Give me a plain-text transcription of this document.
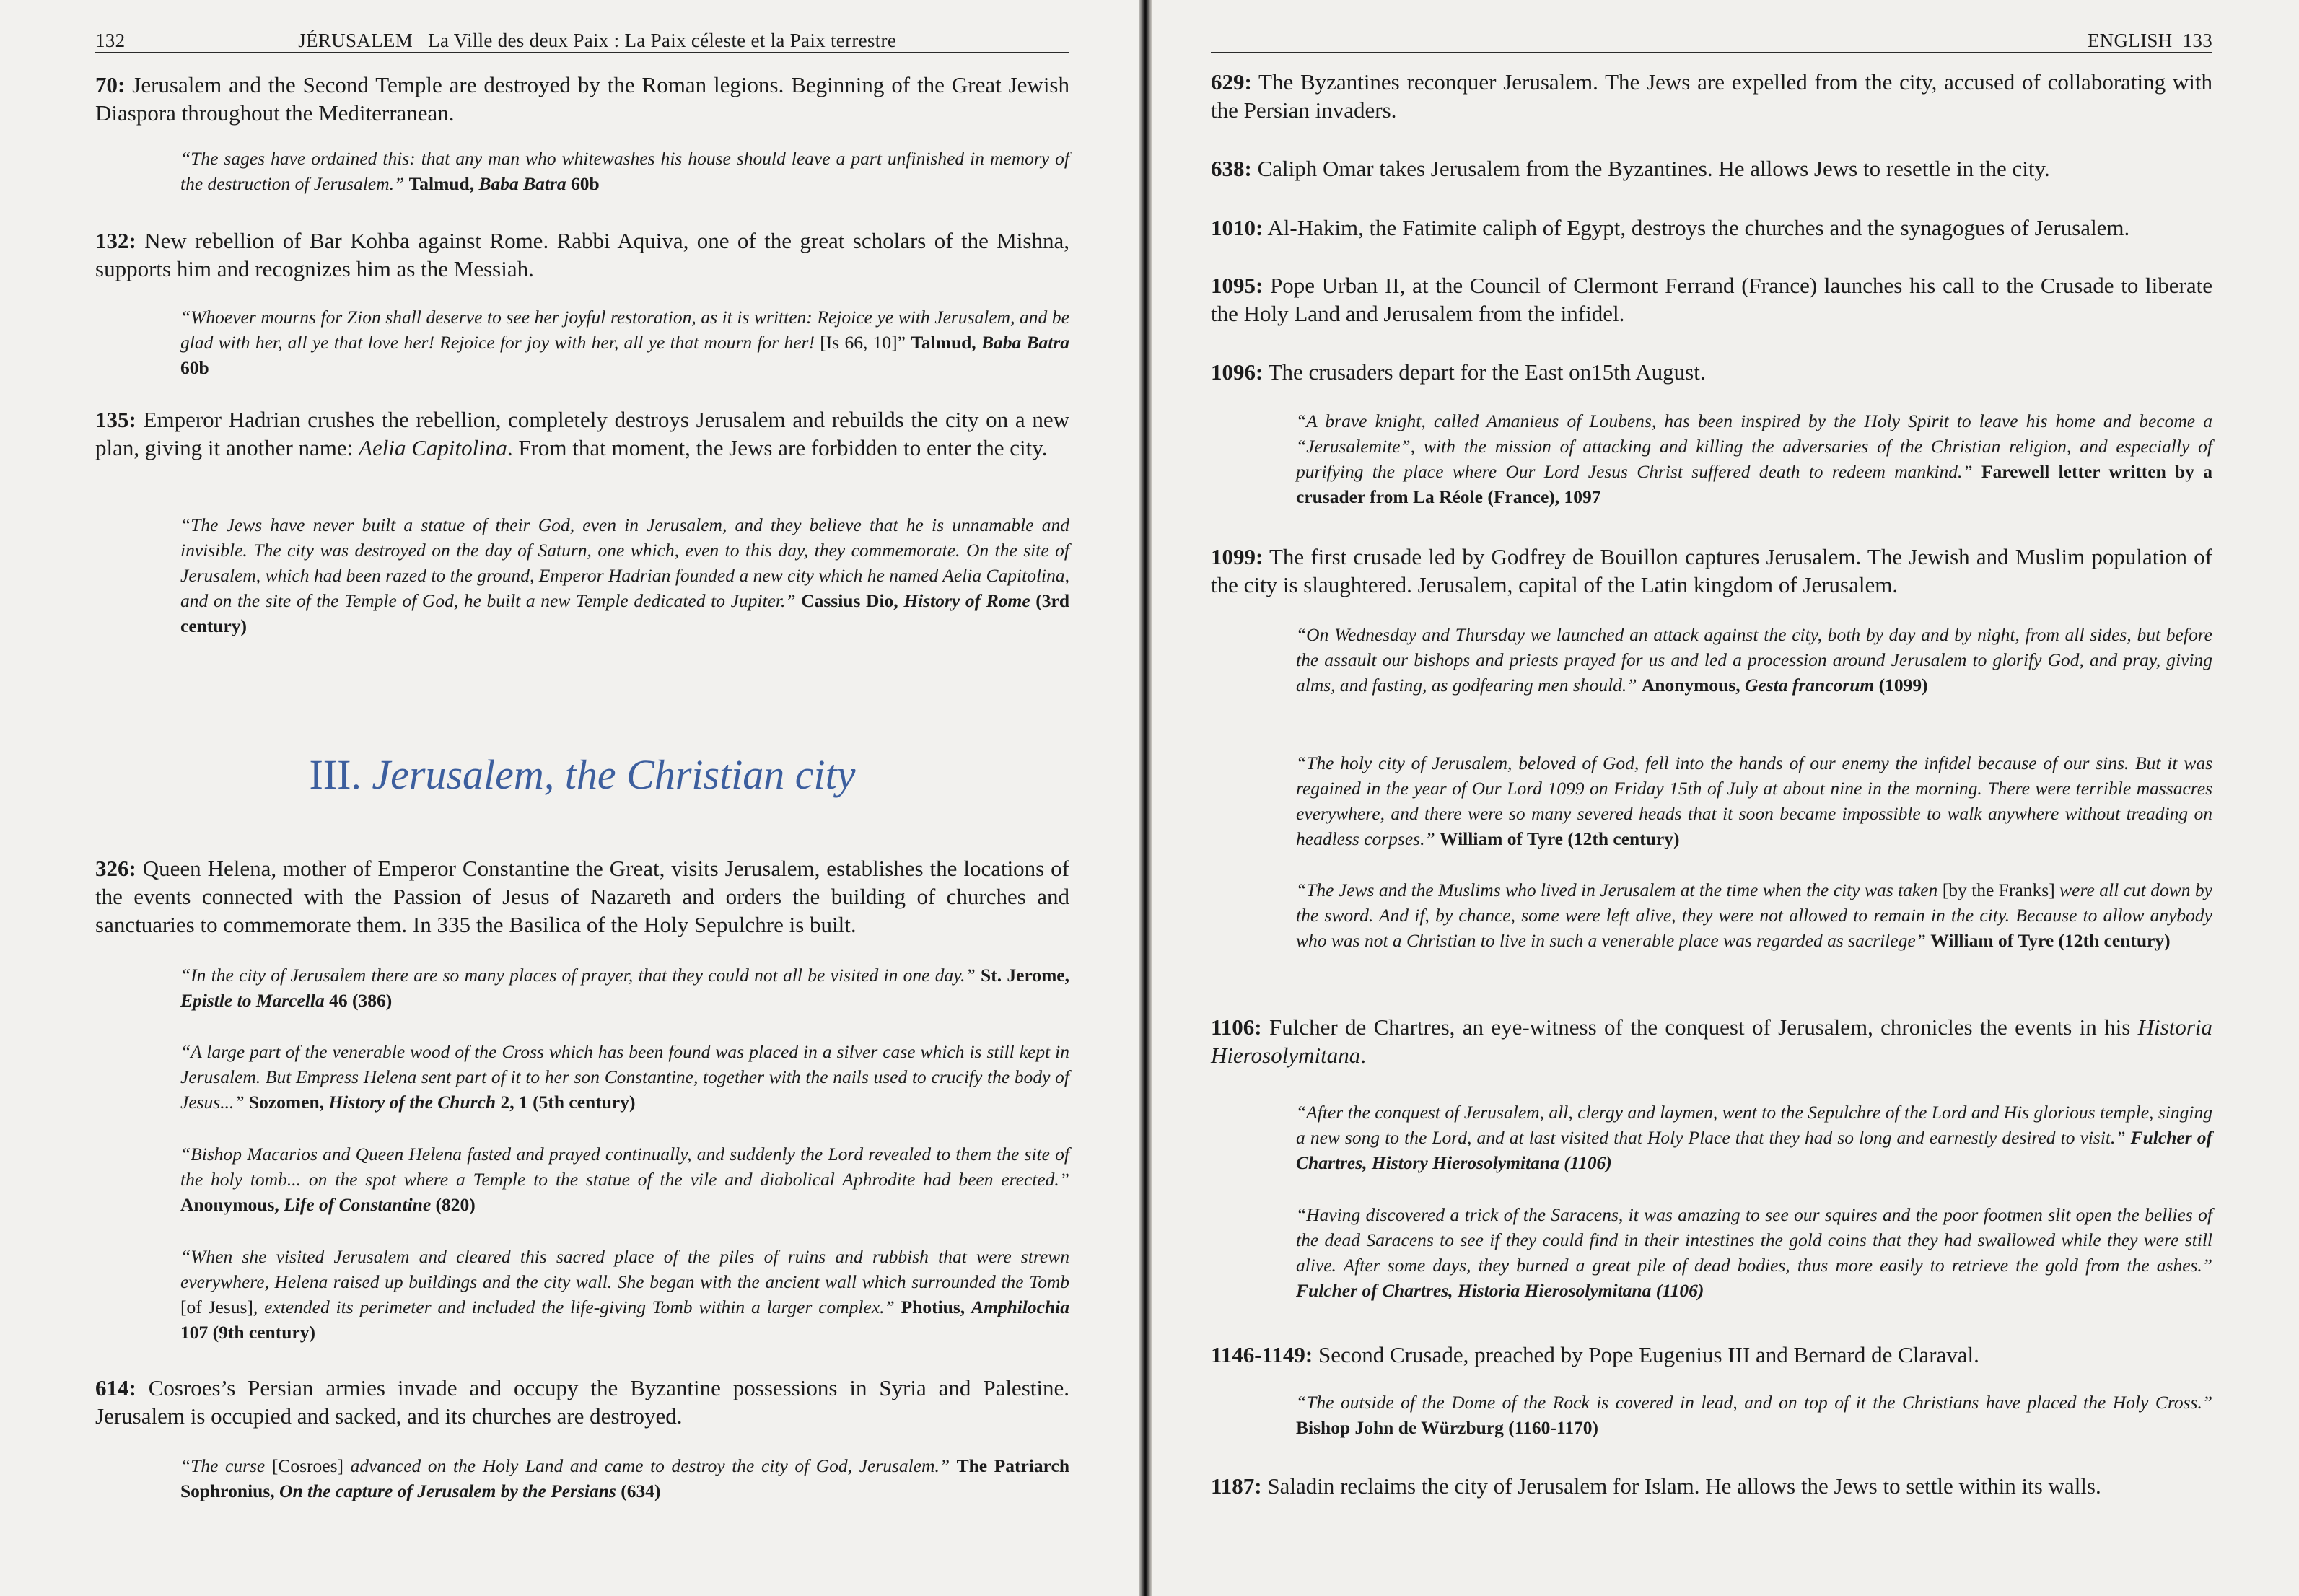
132	JÉRUSALEM La Ville des deux Paix : La Paix céleste et la Paix terrestre

70: Jerusalem and the Second Temple are destroyed by the Roman legions. Beginning of the Great Jewish Diaspora throughout the Mediterranean.

“The sages have ordained this: that any man who whitewashes his house should leave a part unfinished in memory of the destruction of Jerusalem.” Talmud, Baba Batra 60b

132: New rebellion of Bar Kohba against Rome. Rabbi Aquiva, one of the great scholars of the Mishna, supports him and recognizes him as the Messiah.

“Whoever mourns for Zion shall deserve to see her joyful restoration, as it is written: Rejoice ye with Jerusalem, and be glad with her, all ye that love her! Rejoice for joy with her, all ye that mourn for her! [Is 66, 10]” Talmud, Baba Batra 60b

135: Emperor Hadrian crushes the rebellion, completely destroys Jerusalem and rebuilds the city on a new plan, giving it another name: Aelia Capitolina. From that moment, the Jews are forbidden to enter the city.

“The Jews have never built a statue of their God, even in Jerusalem, and they believe that he is unnamable and invisible. The city was destroyed on the day of Saturn, one which, even to this day, they commemorate. On the site of Jerusalem, which had been razed to the ground, Emperor Hadrian founded a new city which he named Aelia Capitolina, and on the site of the Temple of God, he built a new Temple dedicated to Jupiter.” Cassius Dio, History of Rome (3rd century)
III. Jerusalem, the Christian city

326: Queen Helena, mother of Emperor Constantine the Great, visits Jerusalem, establishes the locations of the events connected with the Passion of Jesus of Nazareth and orders the building of churches and sanctuaries to commemorate them. In 335 the Basilica of the Holy Sepulchre is built.

“In the city of Jerusalem there are so many places of prayer, that they could not all be visited in one day.” St. Jerome, Epistle to Marcella 46 (386)
“A large part of the venerable wood of the Cross which has been found was placed in a silver case which is still kept in Jerusalem. But Empress Helena sent part of it to her son Constantine, together with the nails used to crucify the body of Jesus...” Sozomen, History of the Church 2, 1 (5th century)
“Bishop Macarios and Queen Helena fasted and prayed continually, and suddenly the Lord revealed to them the site of the holy tomb... on the spot where a Temple to the statue of the vile and diabolical Aphrodite had been erected.” Anonymous, Life of Constantine (820)
“When she visited Jerusalem and cleared this sacred place of the piles of ruins and rubbish that were strewn everywhere, Helena raised up buildings and the city wall. She began with the ancient wall which surrounded the Tomb [of Jesus], extended its perimeter and included the life-giving Tomb within a larger complex.” Photius, Amphilochia 107 (9th century)

614: Cosroes’s Persian armies invade and occupy the Byzantine possessions in Syria and Palestine. Jerusalem is occupied and sacked, and its churches are destroyed.

“The curse [Cosroes] advanced on the Holy Land and came to destroy the city of God, Jerusalem.” The Patriarch Sophronius, On the capture of Jerusalem by the Persians (634)
ENGLISH 133

629: The Byzantines reconquer Jerusalem. The Jews are expelled from the city, accused of collaborating with the Persian invaders.

638: Caliph Omar takes Jerusalem from the Byzantines. He allows Jews to resettle in the city.

1010: Al-Hakim, the Fatimite caliph of Egypt, destroys the churches and the synagogues of Jerusalem.

1095: Pope Urban II, at the Council of Clermont Ferrand (France) launches his call to the Crusade to liberate the Holy Land and Jerusalem from the infidel.

1096: The crusaders depart for the East on15th August.

“A brave knight, called Amanieus of Loubens, has been inspired by the Holy Spirit to leave his home and become a “Jerusalemite”, with the mission of attacking and killing the adversaries of the Christian religion, and especially of purifying the place where Our Lord Jesus Christ suffered death to redeem mankind.” Farewell letter written by a crusader from La Réole (France), 1097

1099: The first crusade led by Godfrey de Bouillon captures Jerusalem. The Jewish and Muslim population of the city is slaughtered. Jerusalem, capital of the Latin kingdom of Jerusalem.

“On Wednesday and Thursday we launched an attack against the city, both by day and by night, from all sides, but before the assault our bishops and priests prayed for us and led a procession around Jerusalem to glorify God, and pray, giving alms, and fasting, as godfearing men should.” Anonymous, Gesta francorum (1099)
“The holy city of Jerusalem, beloved of God, fell into the hands of our enemy the infidel because of our sins. But it was regained in the year of Our Lord 1099 on Friday 15th of July at about nine in the morning. There were terrible massacres everywhere, and there were so many severed heads that it soon became impossible to walk anywhere without treading on headless corpses.” William of Tyre (12th century)
“The Jews and the Muslims who lived in Jerusalem at the time when the city was taken [by the Franks] were all cut down by the sword. And if, by chance, some were left alive, they were not allowed to remain in the city. Because to allow anybody who was not a Christian to live in such a venerable place was regarded as sacrilege” William of Tyre (12th century)

1106: Fulcher de Chartres, an eye-witness of the conquest of Jerusalem, chronicles the events in his Historia Hierosolymitana.

“After the conquest of Jerusalem, all, clergy and laymen, went to the Sepulchre of the Lord and His glorious temple, singing a new song to the Lord, and at last visited that Holy Place that they had so long and earnestly desired to visit.” Fulcher of Chartres, History Hierosolymitana (1106)
“Having discovered a trick of the Saracens, it was amazing to see our squires and the poor footmen slit open the bellies of the dead Saracens to see if they could find in their intestines the gold coins that they had swallowed while they were still alive. After some days, they burned a great pile of dead bodies, thus more easily to retrieve the gold from the ashes.” Fulcher of Chartres, Historia Hierosolymitana (1106)

1146-1149: Second Crusade, preached by Pope Eugenius III and Bernard de Claraval.

“The outside of the Dome of the Rock is covered in lead, and on top of it the Christians have placed the Holy Cross.” Bishop John de Würzburg (1160-1170)

1187: Saladin reclaims the city of Jerusalem for Islam. He allows the Jews to settle within its walls.
